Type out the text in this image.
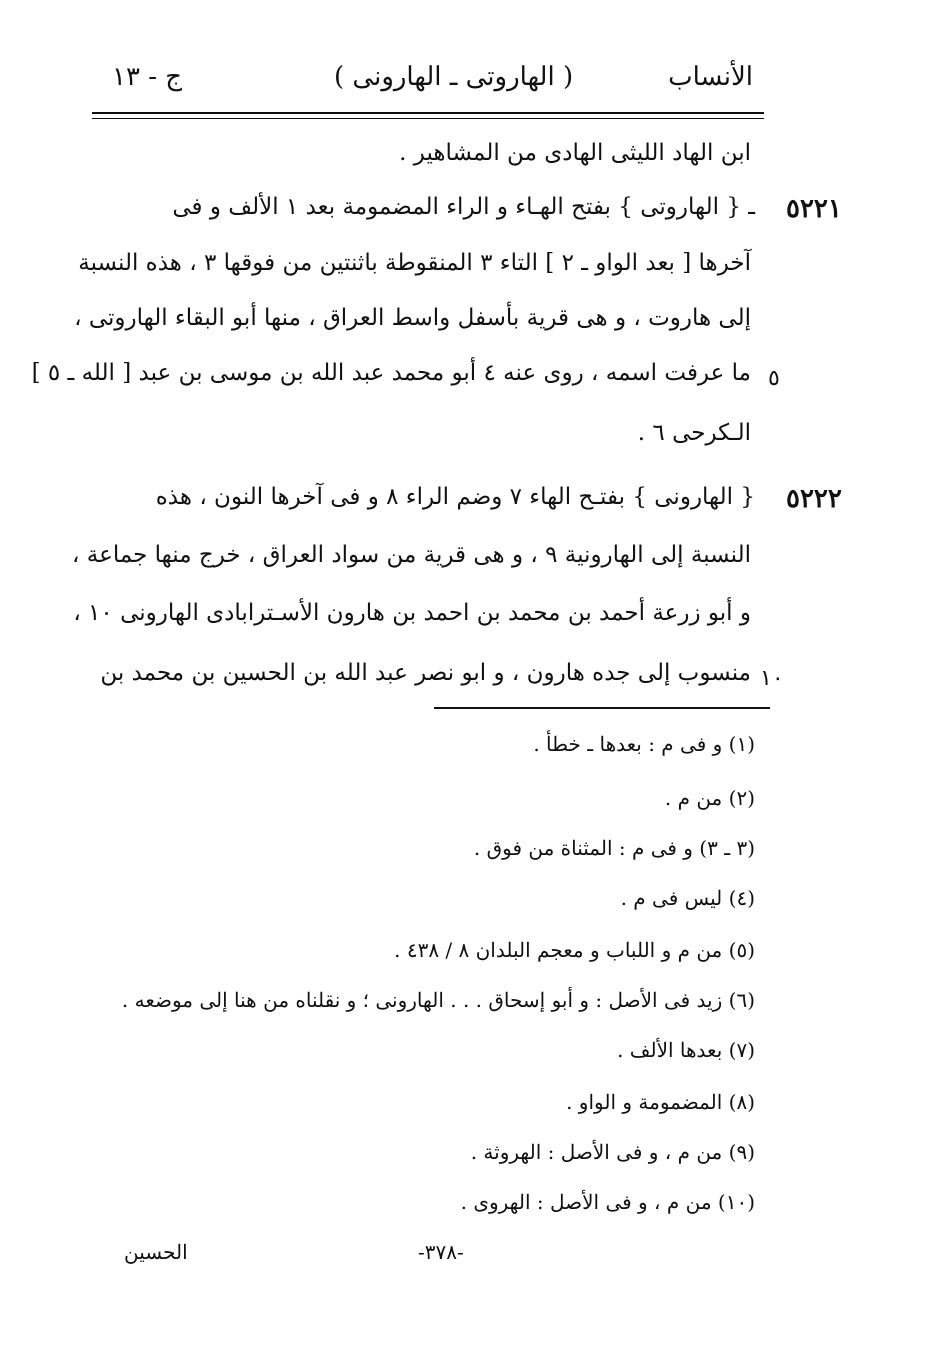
ج - ١٣	( الهاروتى ـ الهارونى )	الأنساب
ابن الهاد الليثى الهادى من المشاهير .
٥٢٢١
ـ { الهاروتى } بفتح الهـاء و الراء المضمومة بعد ١ الألف و فى
آخرها [ بعد الواو ـ ٢ ] التاء ٣ المنقوطة باثنتين من فوقها ٣ ، هذه النسبة
إلى هاروت ، و هى قرية بأسفل واسط العراق ، منها أبو البقاء الهاروتى ،
٥
ما عرفت اسمه ، روى عنه ٤ أبو محمد عبد الله بن موسى بن عبد [ الله ـ ٥ ]
الـكرحى ٦ .
٥٢٢٢
{ الهارونى } بفتـح الهاء ٧ وضم الراء ٨ و فى آخرها النون ، هذه
النسبة إلى الهارونية ٩ ، و هى قرية من سواد العراق ، خرج منها جماعة ،
و أبو زرعة أحمد بن محمد بن احمد بن هارون الأسـترابادى الهارونى ١٠ ،
١٠
منسوب إلى جده هارون ، و ابو نصر عبد الله بن الحسين بن محمد بن
(١) و فى م : بعدها ـ خطأ .
(٢) من م .
(٣ ـ ٣) و فى م : المثناة من فوق .
(٤) ليس فى م .
(٥) من م و اللباب و معجم البلدان ٨ / ٤٣٨ .
(٦) زيد فى الأصل : و أبو إسحاق . . . الهارونى ؛ و نقلناه من هنا إلى موضعه .
(٧) بعدها الألف .
(٨) المضمومة و الواو .
(٩) من م ، و فى الأصل : الهروثة .
(١٠) من م ، و فى الأصل : الهروى .
الحسين	-٣٧٨-
